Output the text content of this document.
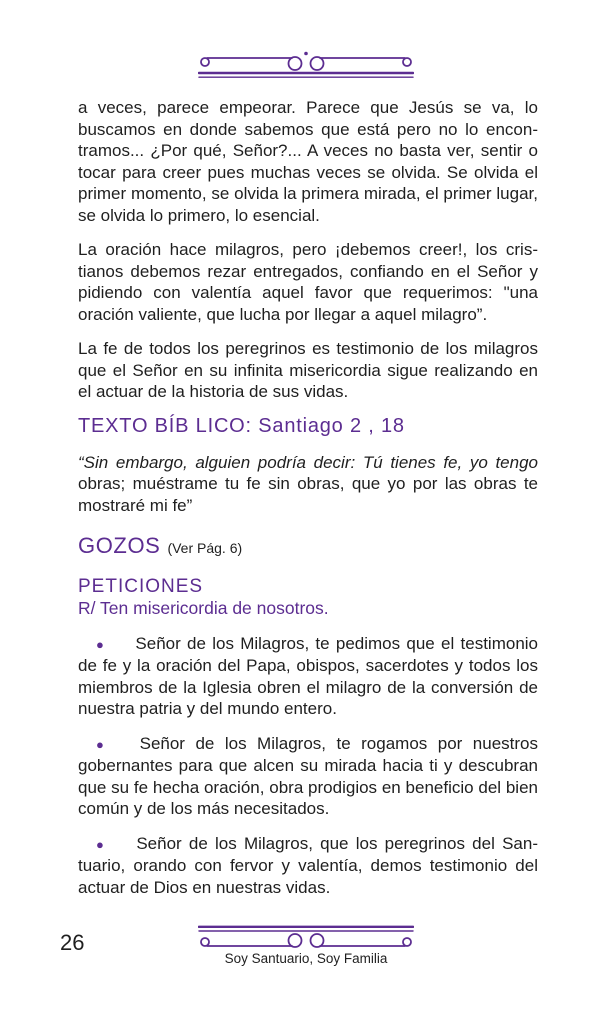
a veces, parece empeorar. Parece que Jesús se va, lo buscamos en donde sabemos que está pero no lo encontramos... ¿Por qué, Señor?... A veces no basta ver, sentir o tocar para creer pues muchas veces se olvida. Se olvida el primer momento, se olvida la primera mirada, el primer lugar, se olvida lo primero, lo esencial.

La oración hace milagros, pero ¡debemos creer!, los cristianos debemos rezar entregados, confiando en el Señor y pidiendo con valentía aquel favor que requerimos: "una oración valiente, que lucha por llegar a aquel milagro”.

La fe de todos los peregrinos es testimonio de los milagros que el Señor en su infinita misericordia sigue realizando en el actuar de la historia de sus vidas.

TEXTO BÍB LICO: Santiago 2 , 18

“Sin embargo, alguien podría decir: Tú tienes fe, yo tengo obras; muéstrame tu fe sin obras, que yo por las obras te mostraré mi fe”

GOZOS (Ver Pág. 6)
PETICIONES
R/ Ten misericordia de nosotros.

● Señor de los Milagros, te pedimos que el testimonio de fe y la oración del Papa, obispos, sacerdotes y todos los miembros de la Iglesia obren el milagro de la conversión de nuestra patria y del mundo entero.

● Señor de los Milagros, te rogamos por nuestros gobernantes para que alcen su mirada hacia ti y descubran que su fe hecha oración, obra prodigios en beneficio del bien común y de los más necesitados.

● Señor de los Milagros, que los peregrinos del Santuario, orando con fervor y valentía, demos testimonio del actuar de Dios en nuestras vidas.

26
Soy Santuario, Soy Familia
